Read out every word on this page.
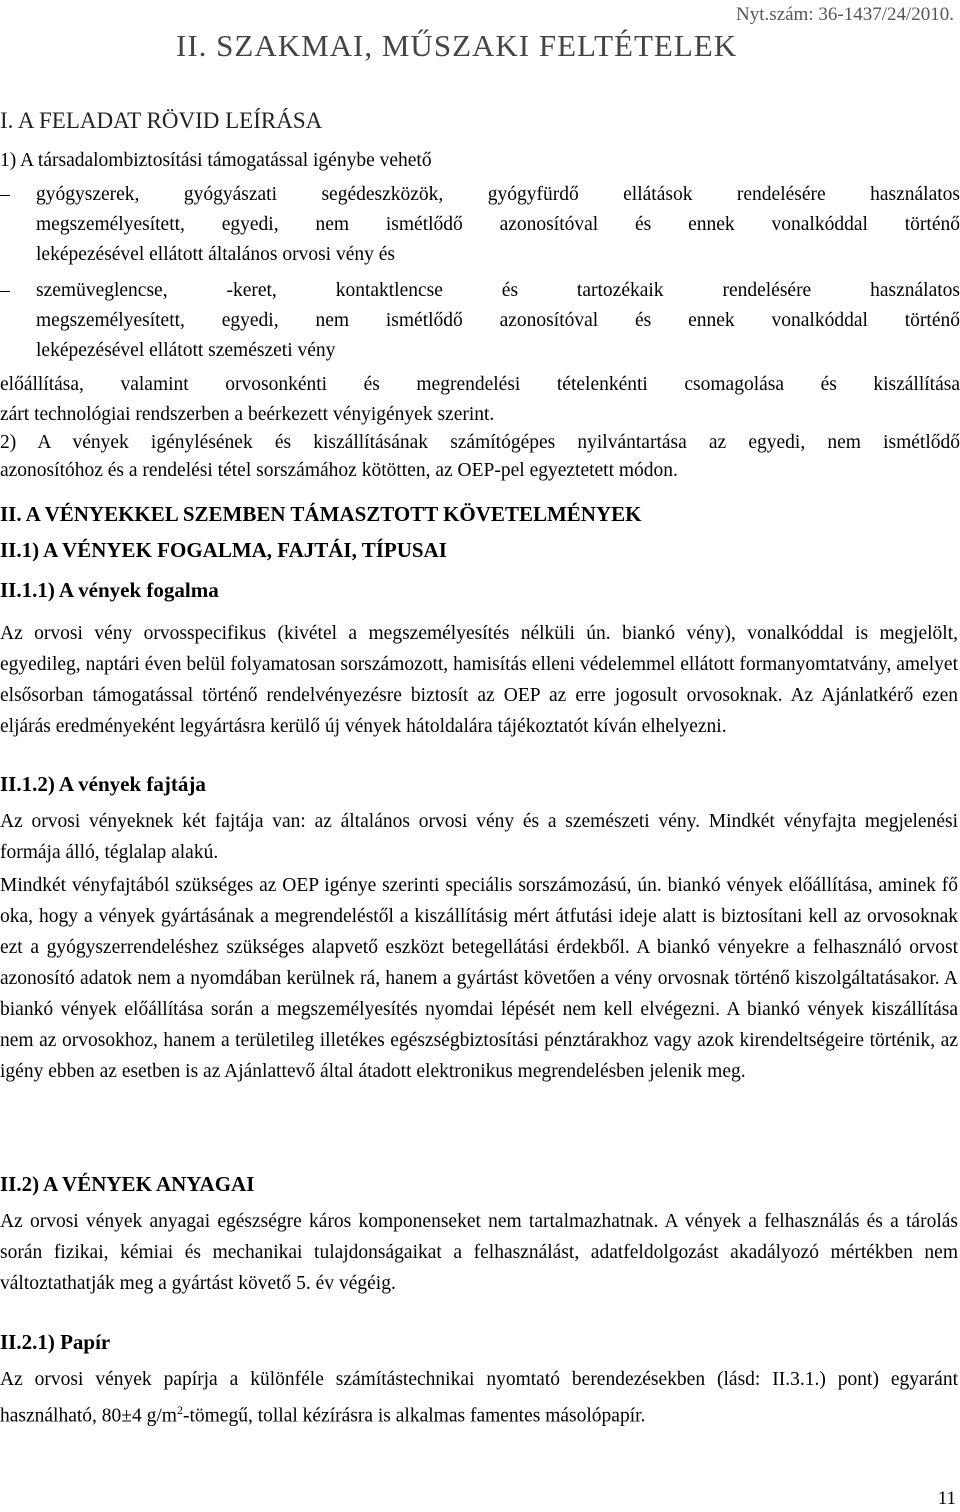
Nyt.szám: 36-1437/24/2010.
II. SZAKMAI, MŰSZAKI FELTÉTELEK
I. A FELADAT RÖVID LEÍRÁSA
1) A társadalombiztosítási támogatással igénybe vehető
– gyógyszerek, gyógyászati segédeszközök, gyógyfürdő ellátások rendelésére használatos
megszemélyesített, egyedi, nem ismétlődő azonosítóval és ennek vonalkóddal történő
leképezésével ellátott általános orvosi vény és
– szemüveglencse, -keret, kontaktlencse és tartozékaik rendelésére használatos
megszemélyesített, egyedi, nem ismétlődő azonosítóval és ennek vonalkóddal történő
leképezésével ellátott szemészeti vény
előállítása, valamint orvosonkénti és megrendelési tételenkénti csomagolása és kiszállítása
zárt technológiai rendszerben a beérkezett vényigények szerint.
2) A vények igénylésének és kiszállításának számítógépes nyilvántartása az egyedi, nem ismétlődő
azonosítóhoz és a rendelési tétel sorszámához kötötten, az OEP-pel egyeztetett módon.
II. A VÉNYEKKEL SZEMBEN TÁMASZTOTT KÖVETELMÉNYEK
II.1) A VÉNYEK FOGALMA, FAJTÁI, TÍPUSAI
II.1.1) A vények fogalma

Az orvosi vény orvosspecifikus (kivétel a megszemélyesítés nélküli ún. biankó vény), vonalkóddal is megjelölt, egyedileg, naptári éven belül folyamatosan sorszámozott, hamisítás elleni védelemmel ellátott formanyomtatvány, amelyet elsősorban támogatással történő rendelvényezésre biztosít az OEP az erre jogosult orvosoknak. Az Ajánlatkérő ezen eljárás eredményeként legyártásra kerülő új vények hátoldalára tájékoztatót kíván elhelyezni.

II.1.2) A vények fajtája

Az orvosi vényeknek két fajtája van: az általános orvosi vény és a szemészeti vény. Mindkét vényfajta megjelenési formája álló, téglalap alakú.

Mindkét vényfajtából szükséges az OEP igénye szerinti speciális sorszámozású, ún. biankó vények előállítása, aminek fő oka, hogy a vények gyártásának a megrendeléstől a kiszállításig mért átfutási ideje alatt is biztosítani kell az orvosoknak ezt a gyógyszerrendeléshez szükséges alapvető eszközt betegellátási érdekből. A biankó vényekre a felhasználó orvost azonosító adatok nem a nyomdában kerülnek rá, hanem a gyártást követően a vény orvosnak történő kiszolgáltatásakor. A biankó vények előállítása során a megszemélyesítés nyomdai lépését nem kell elvégezni. A biankó vények kiszállítása nem az orvosokhoz, hanem a területileg illetékes egészségbiztosítási pénztárakhoz vagy azok kirendeltségeire történik, az igény ebben az esetben is az Ajánlattevő által átadott elektronikus megrendelésben jelenik meg.

II.2) A VÉNYEK ANYAGAI

Az orvosi vények anyagai egészségre káros komponenseket nem tartalmazhatnak. A vények a felhasználás és a tárolás során fizikai, kémiai és mechanikai tulajdonságaikat a felhasználást, adatfeldolgozást akadályozó mértékben nem változtathatják meg a gyártást követő 5. év végéig.

II.2.1) Papír

Az orvosi vények papírja a különféle számítástechnikai nyomtató berendezésekben (lásd: II.3.1.) pont) egyaránt használható, 80±4 $g/m^2$-tömegű, tollal kézírásra is alkalmas famentes másolópapír.

11
